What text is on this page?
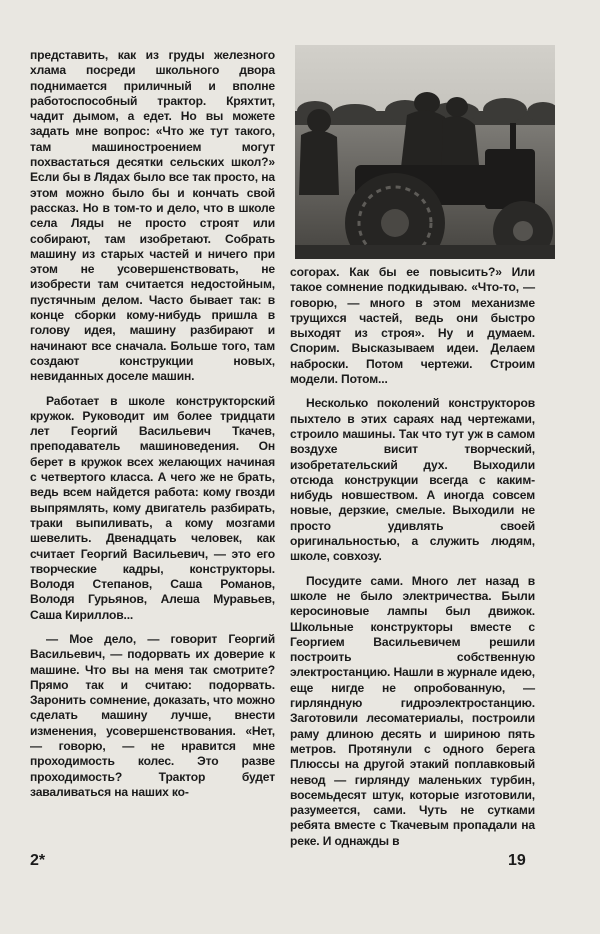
представить, как из груды железного хлама посреди школьного двора поднимается приличный и вполне работоспособный трактор. Кряхтит, чадит дымом, а едет. Но вы можете задать мне вопрос: «Что же тут такого, там машиностроением могут похвастаться десятки сельских школ?» Если бы в Лядах было все так просто, на этом можно было бы и кончать свой рассказ. Но в том-то и дело, что в школе села Ляды не просто строят или собирают, там изобретают. Собрать машину из старых частей и ничего при этом не усовершенствовать, не изобрести там считается недостойным, пустячным делом. Часто бывает так: в конце сборки кому-нибудь пришла в голову идея, машину разбирают и начинают все сначала. Больше того, там создают конструкции новых, невиданных доселе машин.

Работает в школе конструкторский кружок. Руководит им более тридцати лет Георгий Васильевич Ткачев, преподаватель машиноведения. Он берет в кружок всех желающих начиная с четвертого класса. А чего же не брать, ведь всем найдется работа: кому гвозди выпрямлять, кому двигатель разбирать, траки выпиливать, а кому мозгами шевелить. Двенадцать человек, как считает Георгий Васильевич, — это его творческие кадры, конструкторы. Володя Степанов, Саша Романов, Володя Гурьянов, Алеша Муравьев, Саша Кириллов...

— Мое дело, — говорит Георгий Васильевич, — подорвать их доверие к машине. Что вы на меня так смотрите? Прямо так и считаю: подорвать. Заронить сомнение, доказать, что можно сделать машину лучше, внести изменения, усовершенствования. «Нет, — говорю, — не нравится мне проходимость колес. Это разве проходимость? Трактор будет заваливаться на наших ко-

согорах. Как бы ее повысить?» Или такое сомнение подкидываю. «Что-то, — говорю, — много в этом механизме трущихся частей, ведь они быстро выходят из строя». Ну и думаем. Спорим. Высказываем идеи. Делаем наброски. Потом чертежи. Строим модели. Потом...

Несколько поколений конструкторов пыхтело в этих сараях над чертежами, строило машины. Так что тут уж в самом воздухе висит творческий, изобретательский дух. Выходили отсюда конструкции всегда с каким-нибудь новшеством. А иногда совсем новые, дерзкие, смелые. Выходили не просто удивлять своей оригинальностью, а служить людям, школе, совхозу.

Посудите сами. Много лет назад в школе не было электричества. Были керосиновые лампы был движок. Школьные конструкторы вместе с Георгием Васильевичем решили построить собственную электростанцию. Нашли в журнале идею, еще нигде не опробованную, — гирляндную гидроэлектростанцию. Заготовили лесоматериалы, построили раму длиною десять и шириною пять метров. Протянули с одного берега Плюссы на другой этакий поплавковый невод — гирлянду маленьких турбин, восемьдесят штук, которые изготовили, разумеется, сами. Чуть не сутками ребята вместе с Ткачевым пропадали на реке. И однажды в

2*	19
